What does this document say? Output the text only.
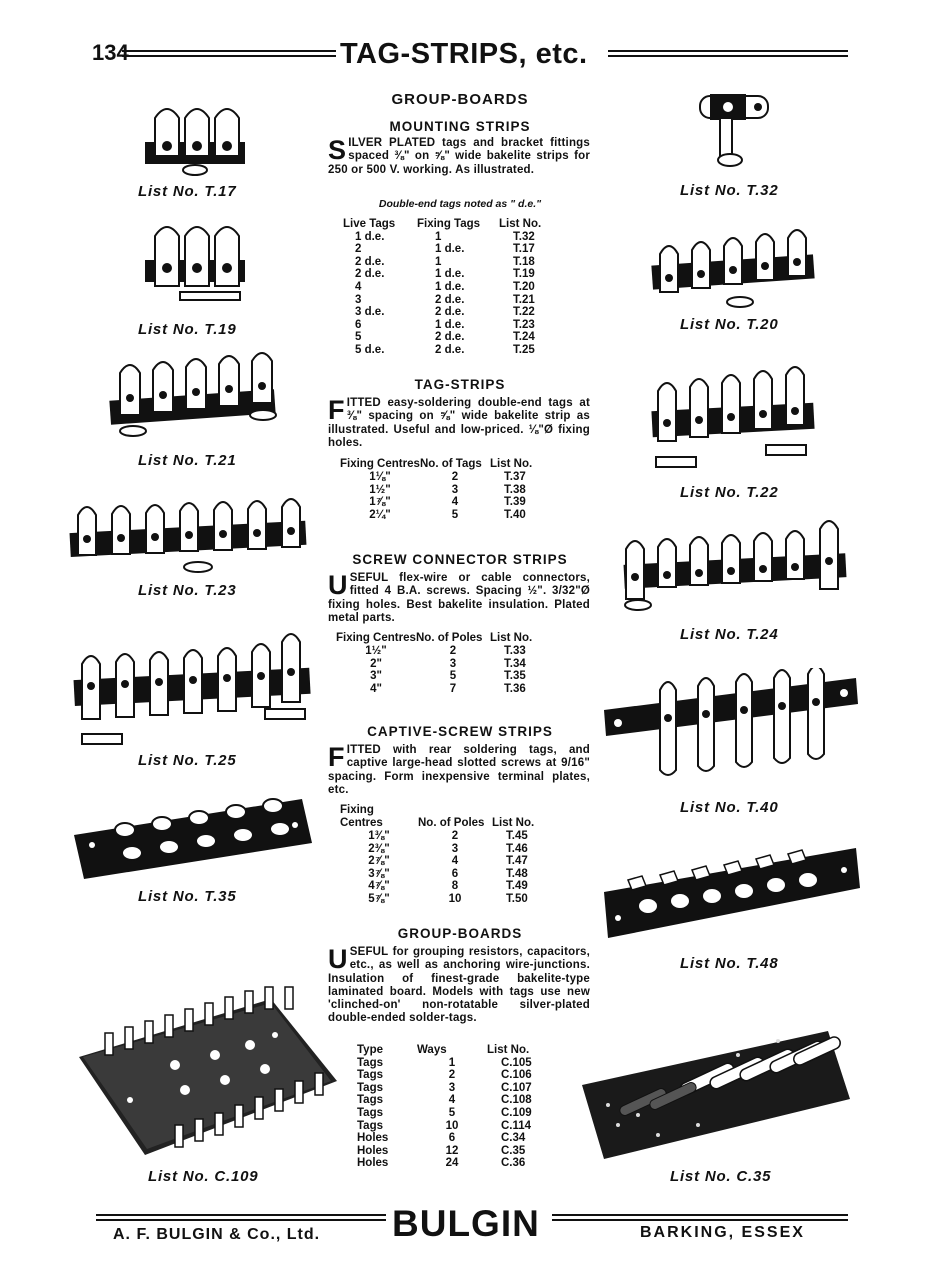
134	TAG-STRIPS, etc.
GROUP-BOARDS
MOUNTING STRIPS
SILVER PLATED tags and bracket fittings spaced ⅜" on ⅝" wide bakelite strips for 250 or 500 V. working. As illustrated.
Double-end tags noted as " d.e."
Live Tags	Fixing Tags	List No.
1 d.e.	1	T.32
2	1 d.e.	T.17
2 d.e.	1	T.18
2 d.e.	1 d.e.	T.19
4	1 d.e.	T.20
3	2 d.e.	T.21
3 d.e.	2 d.e.	T.22
6	1 d.e.	T.23
5	2 d.e.	T.24
5 d.e.	2 d.e.	T.25
TAG-STRIPS
FITTED easy-soldering double-end tags at ⅜" spacing on ⅝" wide bakelite strip as illustrated. Useful and low-priced. ⅛"Ø fixing holes.
Fixing Centres	No. of Tags	List No.
1⅛"	2	T.37
1½"	3	T.38
1⅞"	4	T.39
2¼"	5	T.40
SCREW CONNECTOR STRIPS
USEFUL flex-wire or cable connectors, fitted 4 B.A. screws. Spacing ½". 3/32"Ø fixing holes. Best bakelite insulation. Plated metal parts.
Fixing Centres	No. of Poles	List No.
1½"	2	T.33
2"	3	T.34
3"	5	T.35
4"	7	T.36
CAPTIVE-SCREW STRIPS
FITTED with rear soldering tags, and captive large-head slotted screws at 9/16" spacing. Form inexpensive terminal plates, etc.
Fixing Centres	No. of Poles	List No.
1⅜"	2	T.45
2⅜"	3	T.46
2⅞"	4	T.47
3⅞"	6	T.48
4⅞"	8	T.49
5⅞"	10	T.50
GROUP-BOARDS
USEFUL for grouping resistors, capacitors, etc., as well as anchoring wire-junctions. Insulation of finest-grade bakelite-type laminated board. Models with tags use new 'clinched-on' non-rotatable silver-plated double-ended solder-tags.
Type	Ways	List No.
Tags	1	C.105
Tags	2	C.106
Tags	3	C.107
Tags	4	C.108
Tags	5	C.109
Tags	10	C.114
Holes	6	C.34
Holes	12	C.35
Holes	24	C.36
List No. T.17
List No. T.19
List No. T.21
List No. T.23
List No. T.25
List No. T.35
List No. C.109
List No. T.32
List No. T.20
List No. T.22
List No. T.24
List No. T.40
List No. T.48
List No. C.35
A. F. BULGIN & Co., Ltd. BULGIN	BARKING, ESSEX
